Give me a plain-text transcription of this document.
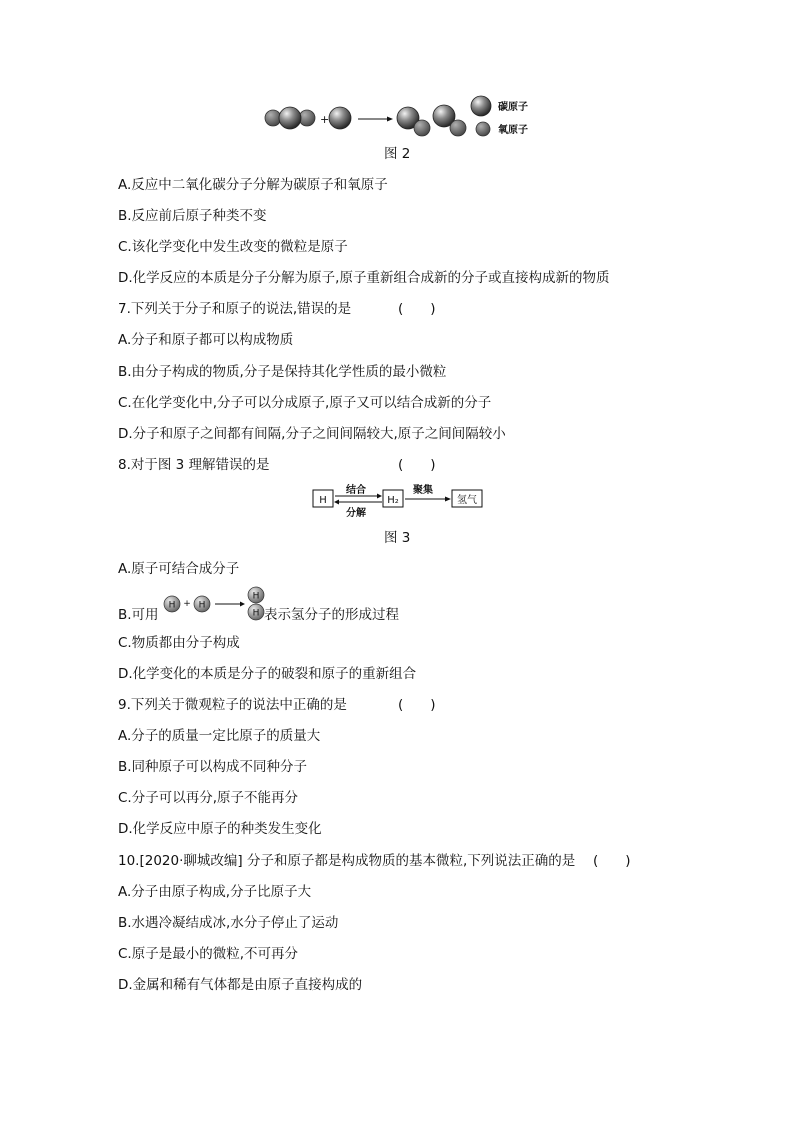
+
碳原子
氧原子
图 2
A.反应中二氧化碳分子分解为碳原子和氧原子
B.反应前后原子种类不变
C.该化学变化中发生改变的微粒是原子
D.化学反应的本质是分子分解为原子,原子重新组合成新的分子或直接构成新的物质
7.下列关于分子和原子的说法,错误的是	(　　)
A.分子和原子都可以构成物质
B.由分子构成的物质,分子是保持其化学性质的最小微粒
C.在化学变化中,分子可以分成原子,原子又可以结合成新的分子
D.分子和原子之间都有间隔,分子之间间隔较大,原子之间间隔较小
8.对于图 3 理解错误的是	(　　)
H
结合
分解
H₂
聚集
氢气
图 3
A.原子可结合成分子
B.可用
H + H
H
H 表示氢分子的形成过程
C.物质都由分子构成
D.化学变化的本质是分子的破裂和原子的重新组合
9.下列关于微观粒子的说法中正确的是	(　　)
A.分子的质量一定比原子的质量大
B.同种原子可以构成不同种分子
C.分子可以再分,原子不能再分
D.化学反应中原子的种类发生变化
10.[2020·聊城改编] 分子和原子都是构成物质的基本微粒,下列说法正确的是 (　　)
A.分子由原子构成,分子比原子大
B.水遇冷凝结成冰,水分子停止了运动
C.原子是最小的微粒,不可再分
D.金属和稀有气体都是由原子直接构成的
